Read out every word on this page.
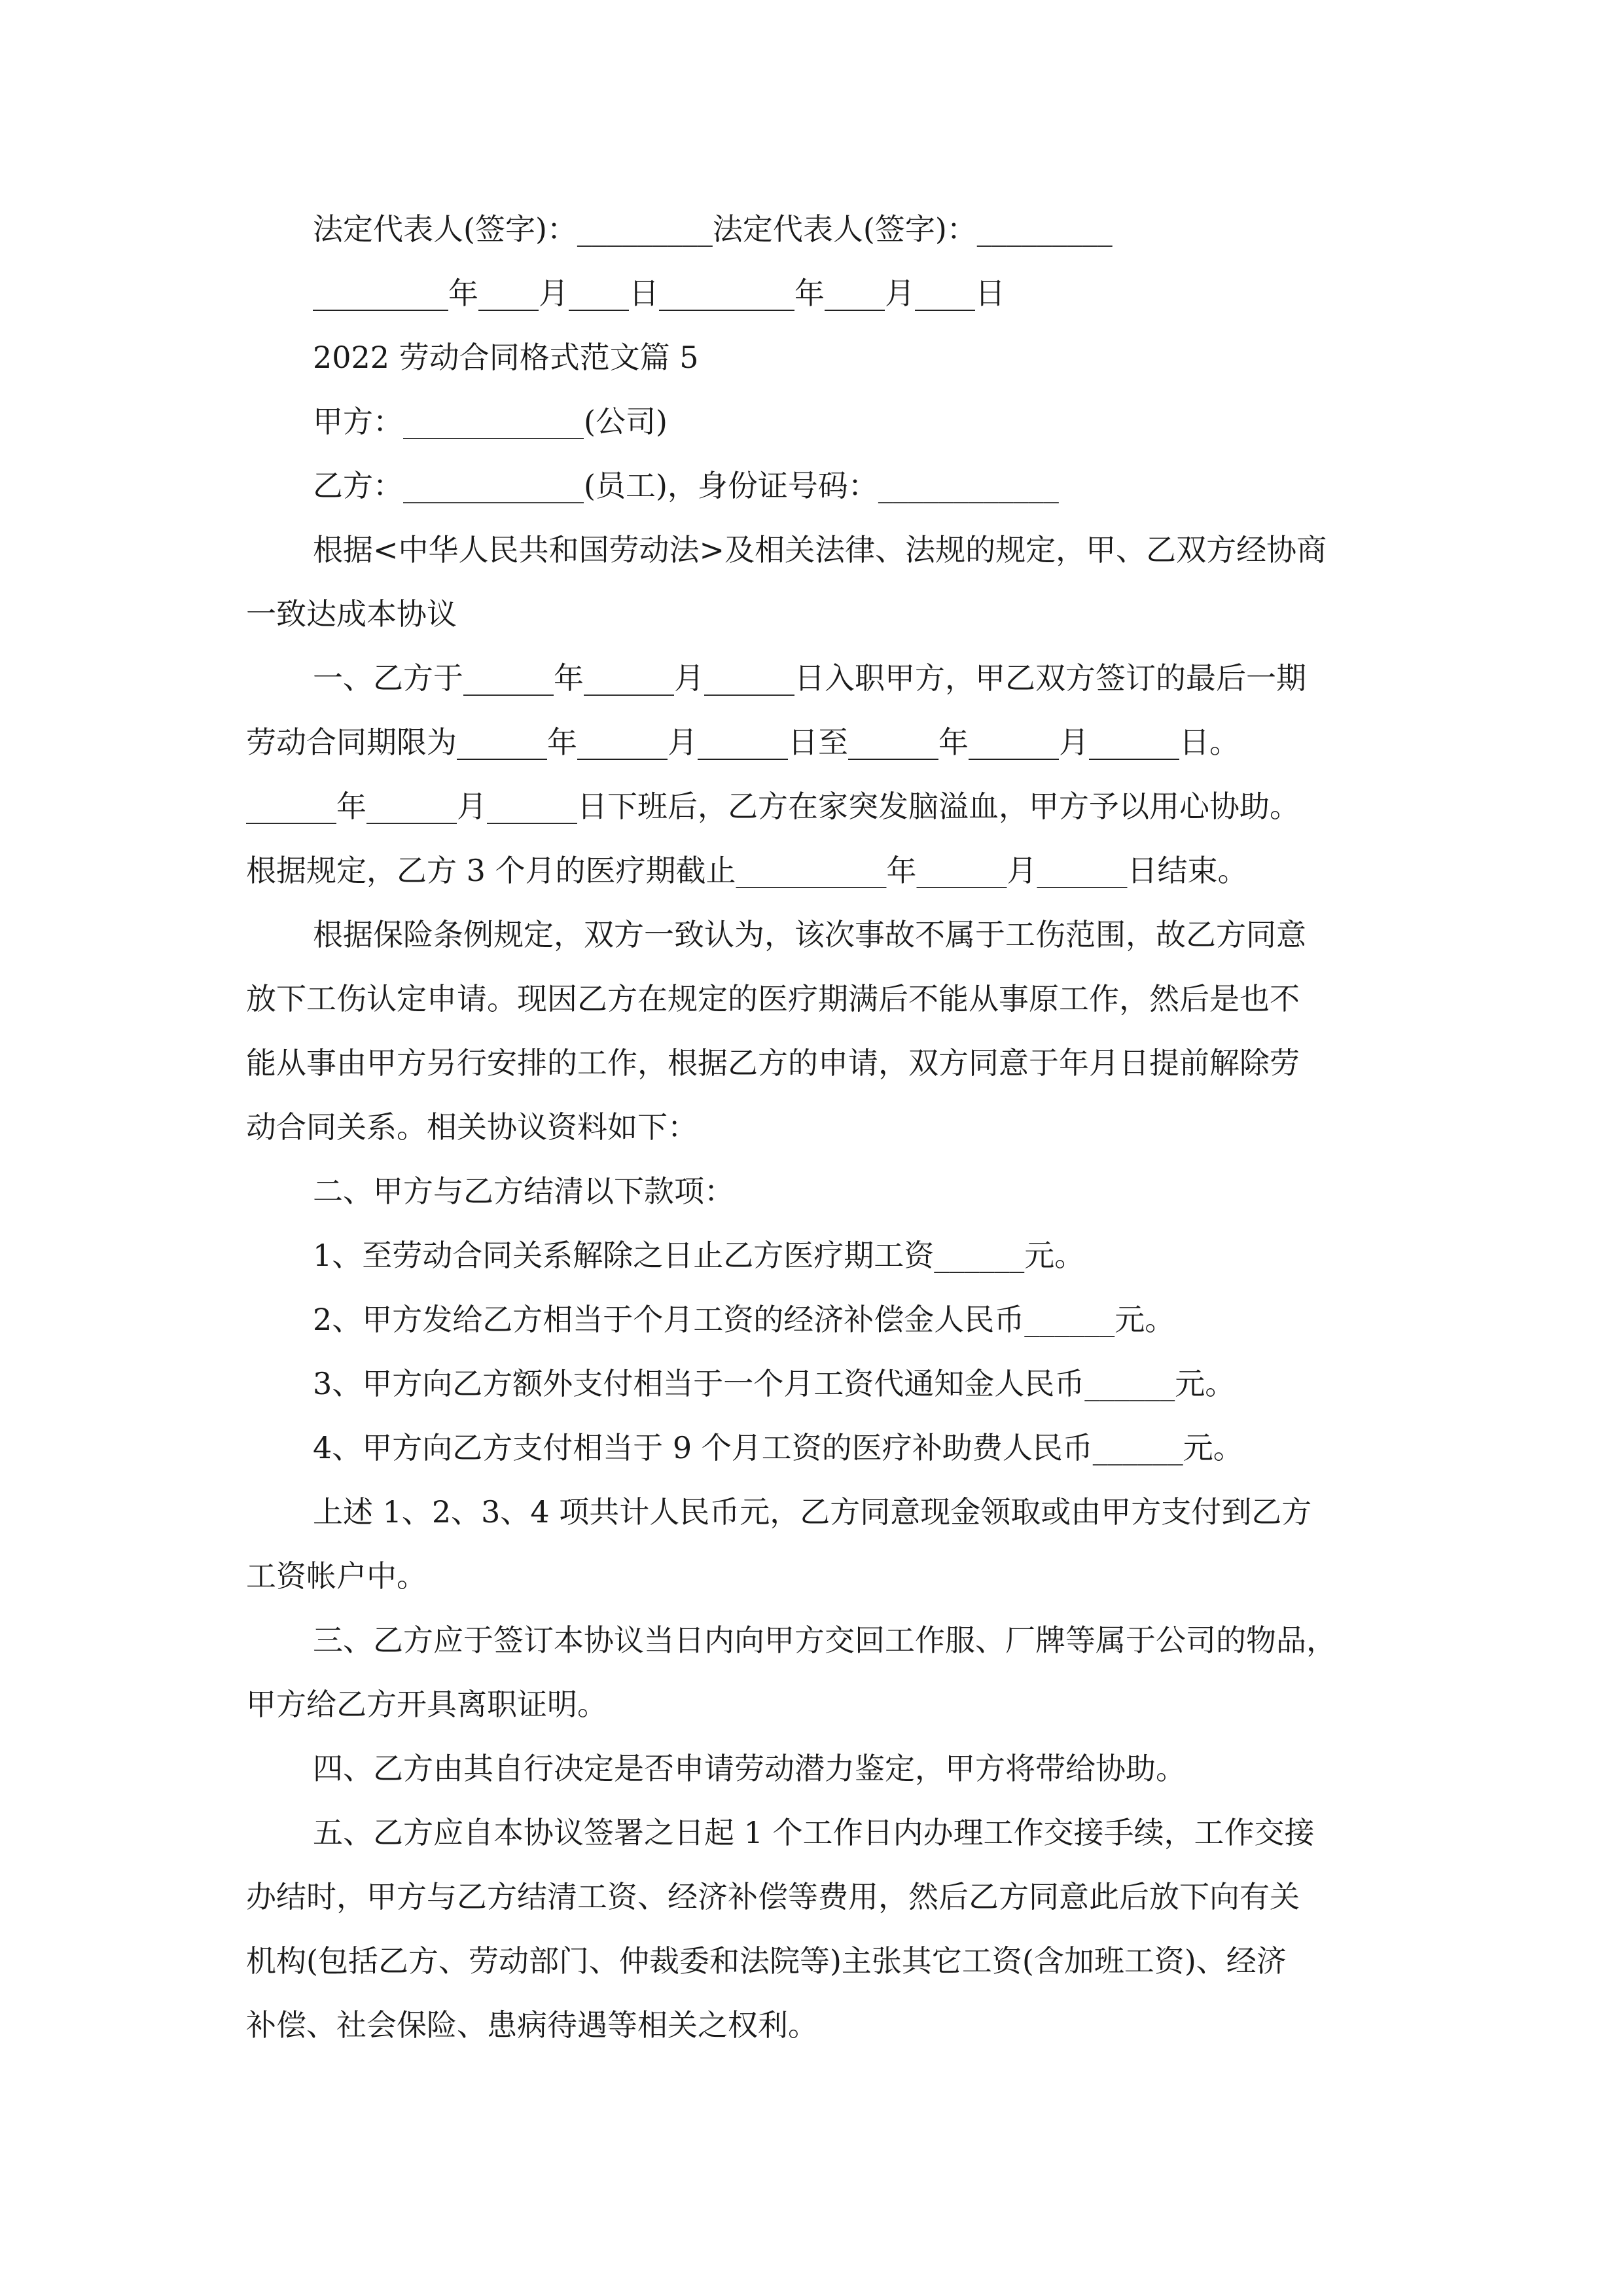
法定代表人(签字)：_________法定代表人(签字)：_________
_________年____月____日_________年____月____日
2022 劳动合同格式范文篇 5
甲方：____________(公司)
乙方：____________(员工)，身份证号码：____________
根据<中华人民共和国劳动法>及相关法律、法规的规定，甲、乙双方经协商
一致达成本协议
一、乙方于______年______月______日入职甲方，甲乙双方签订的最后一期
劳动合同期限为______年______月______日至______年______月______日。
______年______月______日下班后，乙方在家突发脑溢血，甲方予以用心协助。
根据规定，乙方 3 个月的医疗期截止__________年______月______日结束。
根据保险条例规定，双方一致认为，该次事故不属于工伤范围，故乙方同意
放下工伤认定申请。现因乙方在规定的医疗期满后不能从事原工作，然后是也不
能从事由甲方另行安排的工作，根据乙方的申请，双方同意于年月日提前解除劳
动合同关系。相关协议资料如下：
二、甲方与乙方结清以下款项：
1、至劳动合同关系解除之日止乙方医疗期工资______元。
2、甲方发给乙方相当于个月工资的经济补偿金人民币______元。
3、甲方向乙方额外支付相当于一个月工资代通知金人民币______元。
4、甲方向乙方支付相当于 9 个月工资的医疗补助费人民币______元。
上述 1、2、3、4 项共计人民币元，乙方同意现金领取或由甲方支付到乙方
工资帐户中。
三、乙方应于签订本协议当日内向甲方交回工作服、厂牌等属于公司的物品，
甲方给乙方开具离职证明。
四、乙方由其自行决定是否申请劳动潜力鉴定，甲方将带给协助。
五、乙方应自本协议签署之日起 1 个工作日内办理工作交接手续，工作交接
办结时，甲方与乙方结清工资、经济补偿等费用，然后乙方同意此后放下向有关
机构(包括乙方、劳动部门、仲裁委和法院等)主张其它工资(含加班工资)、经济
补偿、社会保险、患病待遇等相关之权利。
